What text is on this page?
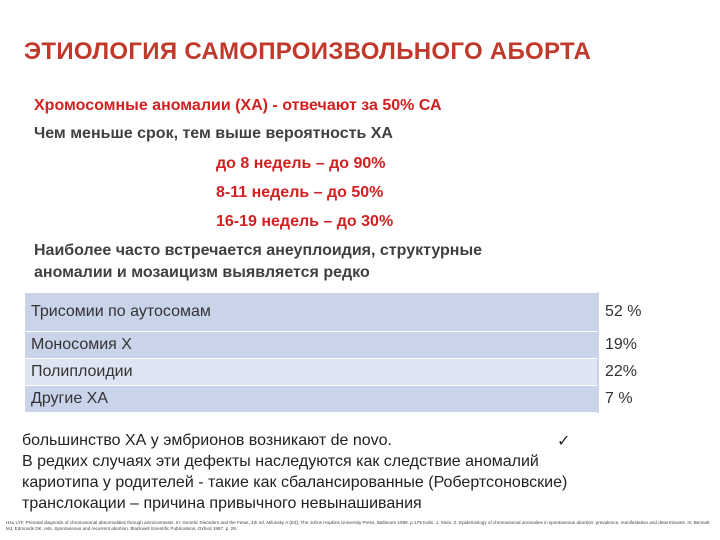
ЭТИОЛОГИЯ САМОПРОИЗВОЛЬНОГО АБОРТА
Хромосомные аномалии (ХА) - отвечают за 50% СА
Чем меньше срок, тем выше вероятность ХА
до 8 недель – до 90%
8-11 недель – до 50%
16-19 недель – до 30%
Наиболее часто встречается анеуплоидия, структурные
аномалии и мозаицизм выявляется редко
Трисомии по аутосомам	52 %
Моносомия Х	19%
Полиплоидии	22%
Другие ХА	7 %
большинство ХА у эмбрионов возникают de novo.	✓
В редких случаях эти дефекты наследуются как следствие аномалий
кариотипа у родителей - такие как сбалансированные (Робертсоновские)
транслокации – причина привычного невынашивания
Hsu LYF. Prenatal diagnosis of chromosomal abnormalities through amniocentesis. In: Genetic Disorders and the Fetus, 4th ed, Milunsky A (Ed), The Johns Hopkins University Press, Baltimore 1998. p.179 Kalin, J, Stein, Z. Epidemiology of chromosomal anomalies in spontaneous abortion: prevalence, manifestation and determinants. In: Bennett MJ, Edmonds DK, eds. Spontaneous and recurrent abortion. Blackwell Scientific Publications, Oxford 1987. p. 29.
